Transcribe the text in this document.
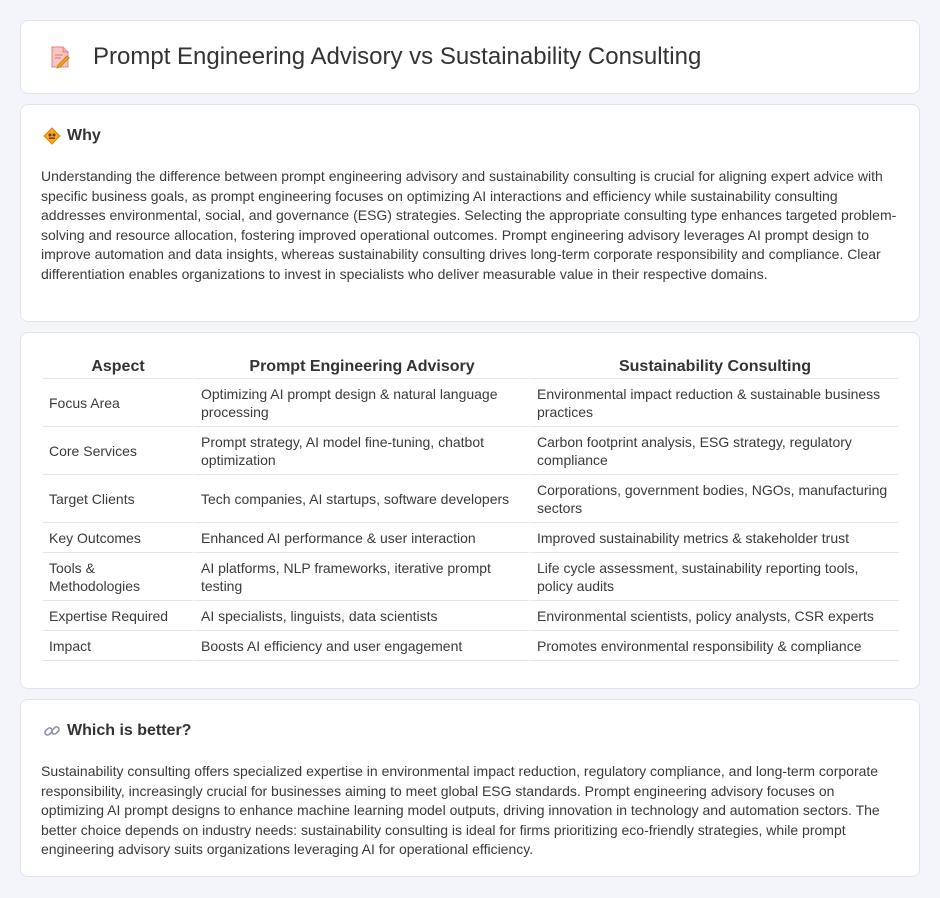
Prompt Engineering Advisory vs Sustainability Consulting
Why

Understanding the difference between prompt engineering advisory and sustainability consulting is crucial for aligning expert advice with specific business goals, as prompt engineering focuses on optimizing AI interactions and efficiency while sustainability consulting addresses environmental, social, and governance (ESG) strategies. Selecting the appropriate consulting type enhances targeted problem-solving and resource allocation, fostering improved operational outcomes. Prompt engineering advisory leverages AI prompt design to improve automation and data insights, whereas sustainability consulting drives long-term corporate responsibility and compliance. Clear differentiation enables organizations to invest in specialists who deliver measurable value in their respective domains.

Aspect	Prompt Engineering Advisory	Sustainability Consulting
Focus Area	Optimizing AI prompt design & natural language processing	Environmental impact reduction & sustainable business practices
Core Services	Prompt strategy, AI model fine-tuning, chatbot optimization	Carbon footprint analysis, ESG strategy, regulatory compliance
Target Clients	Tech companies, AI startups, software developers	Corporations, government bodies, NGOs, manufacturing sectors
Key Outcomes	Enhanced AI performance & user interaction	Improved sustainability metrics & stakeholder trust
Tools & Methodologies	AI platforms, NLP frameworks, iterative prompt testing	Life cycle assessment, sustainability reporting tools, policy audits
Expertise Required	AI specialists, linguists, data scientists	Environmental scientists, policy analysts, CSR experts
Impact	Boosts AI efficiency and user engagement	Promotes environmental responsibility & compliance
Which is better?

Sustainability consulting offers specialized expertise in environmental impact reduction, regulatory compliance, and long-term corporate responsibility, increasingly crucial for businesses aiming to meet global ESG standards. Prompt engineering advisory focuses on optimizing AI prompt designs to enhance machine learning model outputs, driving innovation in technology and automation sectors. The better choice depends on industry needs: sustainability consulting is ideal for firms prioritizing eco-friendly strategies, while prompt engineering advisory suits organizations leveraging AI for operational efficiency.
